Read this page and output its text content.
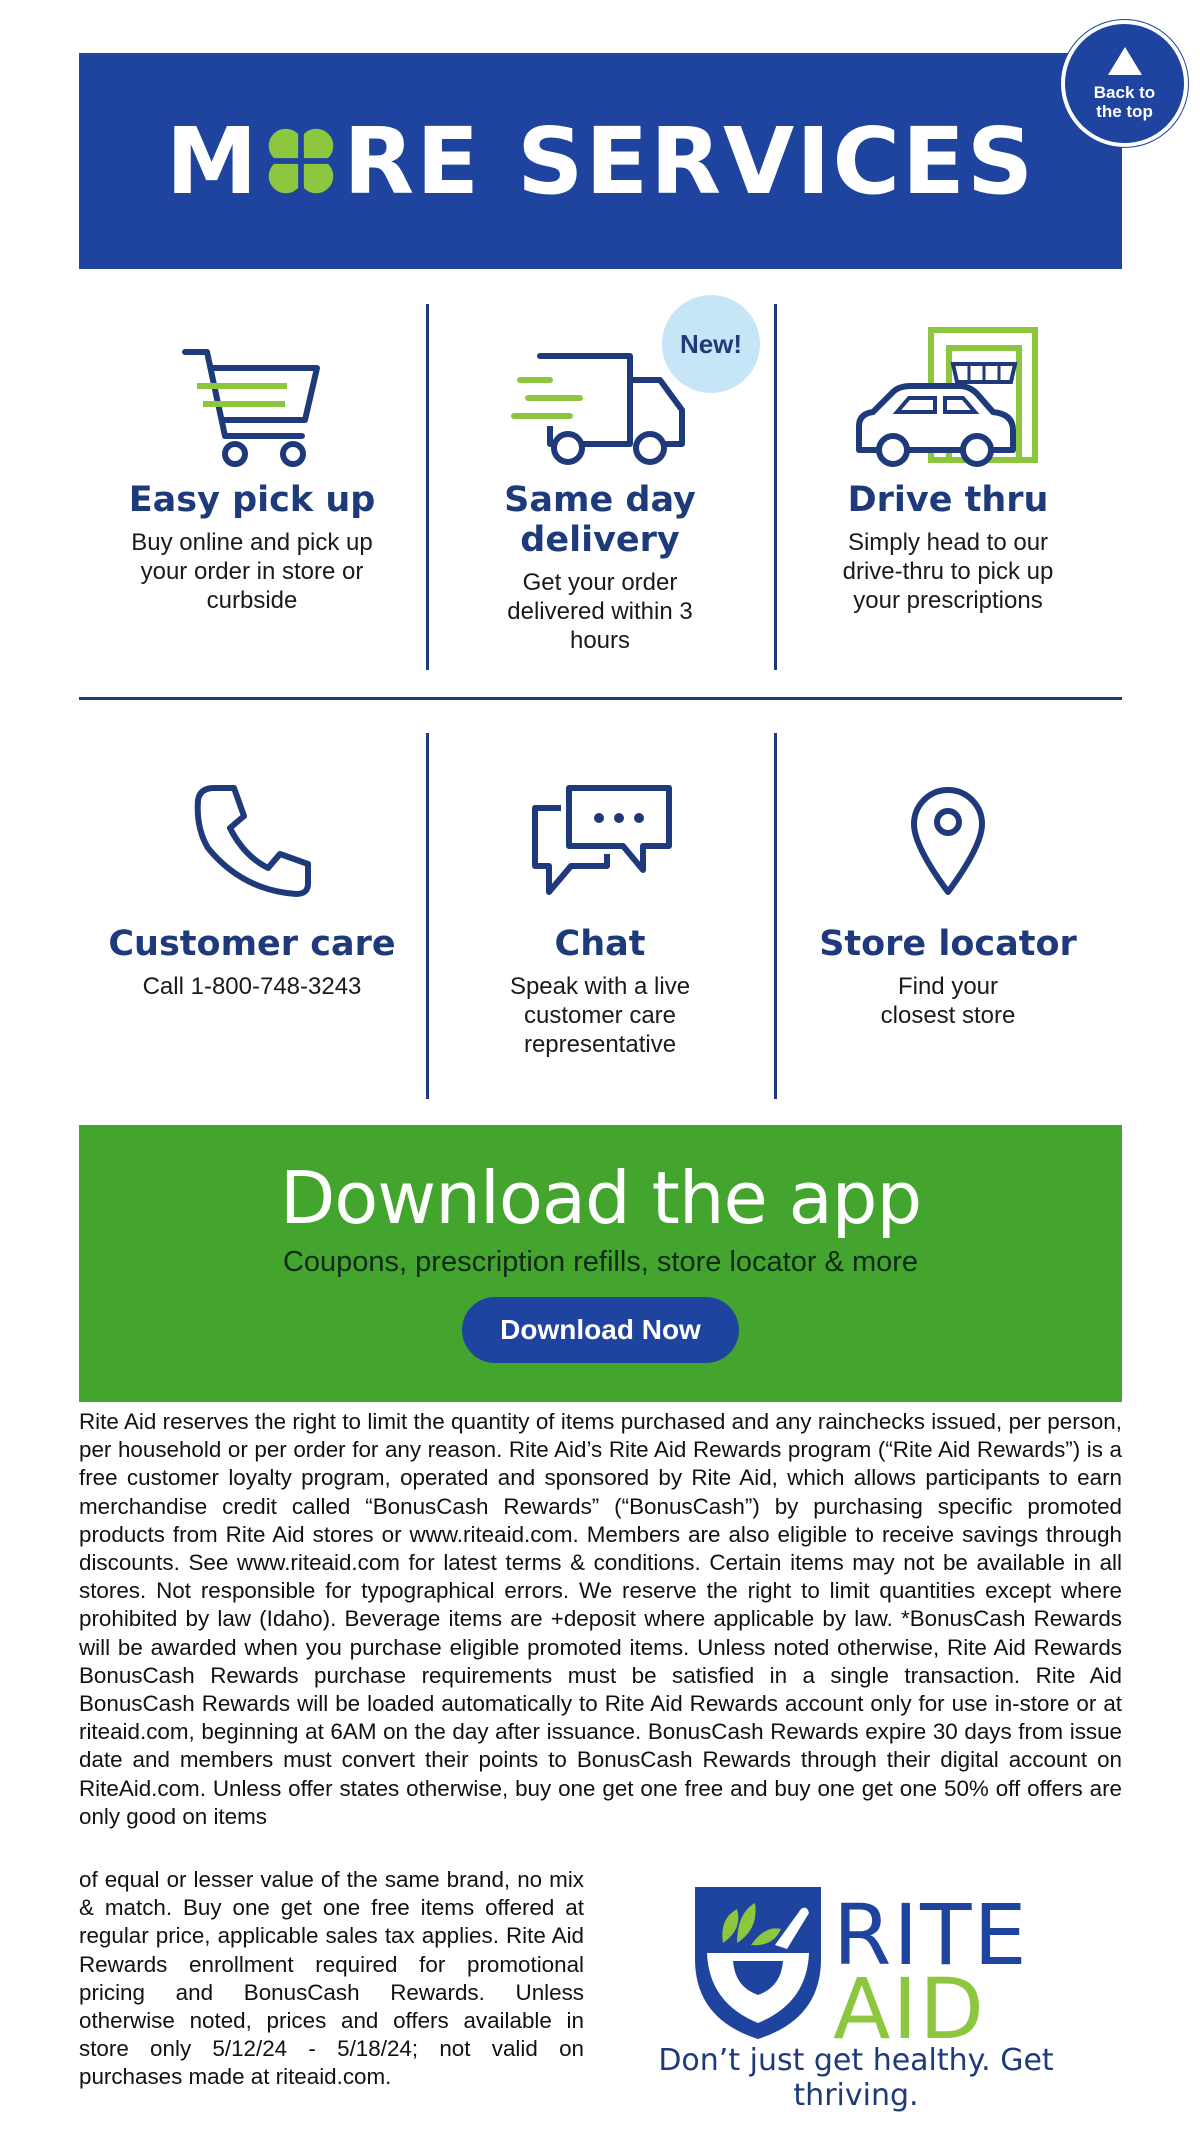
M RE SERVICES
Back to the top
Easy pick up
Buy online and pick up your order in store or curbside
New!
Same day delivery
Get your order delivered within 3 hours
Drive thru
Simply head to our drive-thru to pick up your prescriptions
Customer care
Call 1-800-748-3243
Chat
Speak with a live customer care representative
Store locator
Find your closest store
Download the app
Coupons, prescription refills, store locator & more
Download Now

Rite Aid reserves the right to limit the quantity of items purchased and any rainchecks issued, per person, per household or per order for any reason. Rite Aid’s Rite Aid Rewards program (“Rite Aid Rewards”) is a free customer loyalty program, operated and sponsored by Rite Aid, which allows participants to earn merchandise credit called “BonusCash Rewards” (“BonusCash”) by purchasing specific promoted products from Rite Aid stores or www.riteaid.com. Members are also eligible to receive savings through discounts. See www.riteaid.com for latest terms & conditions. Certain items may not be available in all stores. Not responsible for typographical errors. We reserve the right to limit quantities except where prohibited by law (Idaho). Beverage items are +deposit where applicable by law. *BonusCash Rewards will be awarded when you purchase eligible promoted items. Unless noted otherwise, Rite Aid Rewards BonusCash Rewards purchase requirements must be satisfied in a single transaction. Rite Aid BonusCash Rewards will be loaded automatically to Rite Aid Rewards account only for use in-store or at riteaid.com, beginning at 6AM on the day after issuance. BonusCash Rewards expire 30 days from issue date and members must convert their points to BonusCash Rewards through their digital account on RiteAid.com. Unless offer states otherwise, buy one get one free and buy one get one 50% off offers are only good on items

of equal or lesser value of the same brand, no mix & match. Buy one get one free items offered at regular price, applicable sales tax applies. Rite Aid Rewards enrollment required for promotional pricing and BonusCash Rewards. Unless otherwise noted, prices and offers available in store only 5/12/24 - 5/18/24; not valid on purchases made at riteaid.com.

RITE
AID
Don’t just get healthy. Get thriving.
